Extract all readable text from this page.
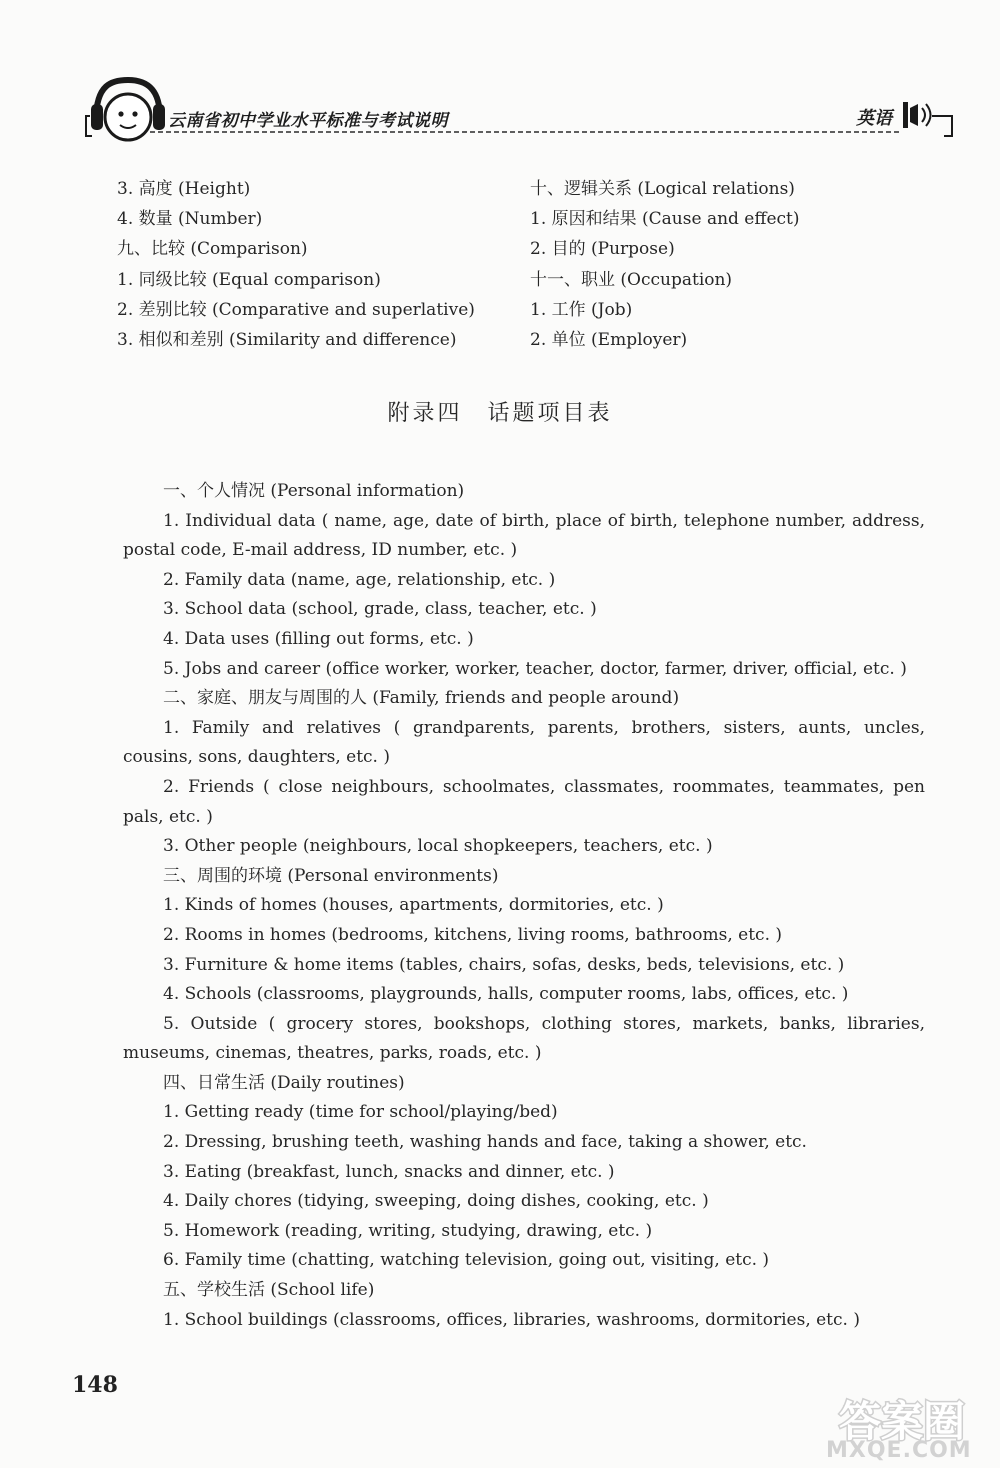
云南省初中学业水平标准与考试说明	英语
3. 高度 (Height)
4. 数量 (Number)
九、比较 (Comparison)
1. 同级比较 (Equal comparison)
2. 差别比较 (Comparative and superlative)
3. 相似和差别 (Similarity and difference)
十、逻辑关系 (Logical relations)
1. 原因和结果 (Cause and effect)
2. 目的 (Purpose)
十一、职业 (Occupation)
1. 工作 (Job)
2. 单位 (Employer)
附录四　话题项目表

一、个人情况 (Personal information)

1. Individual data ( name, age, date of birth, place of birth, telephone number, address, postal code, E-mail address, ID number, etc. )

2. Family data (name, age, relationship, etc. )

3. School data (school, grade, class, teacher, etc. )

4. Data uses (filling out forms, etc. )

5. Jobs and career (office worker, worker, teacher, doctor, farmer, driver, official, etc. )

二、家庭、朋友与周围的人 (Family, friends and people around)

1. Family and relatives ( grandparents, parents, brothers, sisters, aunts, uncles, cousins, sons, daughters, etc. )

2. Friends ( close neighbours, schoolmates, classmates, roommates, teammates, pen pals, etc. )

3. Other people (neighbours, local shopkeepers, teachers, etc. )

三、周围的环境 (Personal environments)

1. Kinds of homes (houses, apartments, dormitories, etc. )

2. Rooms in homes (bedrooms, kitchens, living rooms, bathrooms, etc. )

3. Furniture & home items (tables, chairs, sofas, desks, beds, televisions, etc. )

4. Schools (classrooms, playgrounds, halls, computer rooms, labs, offices, etc. )

5. Outside ( grocery stores, bookshops, clothing stores, markets, banks, libraries, museums, cinemas, theatres, parks, roads, etc. )

四、日常生活 (Daily routines)

1. Getting ready (time for school/playing/bed)

2. Dressing, brushing teeth, washing hands and face, taking a shower, etc.

3. Eating (breakfast, lunch, snacks and dinner, etc. )

4. Daily chores (tidying, sweeping, doing dishes, cooking, etc. )

5. Homework (reading, writing, studying, drawing, etc. )

6. Family time (chatting, watching television, going out, visiting, etc. )

五、学校生活 (School life)

1. School buildings (classrooms, offices, libraries, washrooms, dormitories, etc. )

148
答案圈
MXQE.COM
